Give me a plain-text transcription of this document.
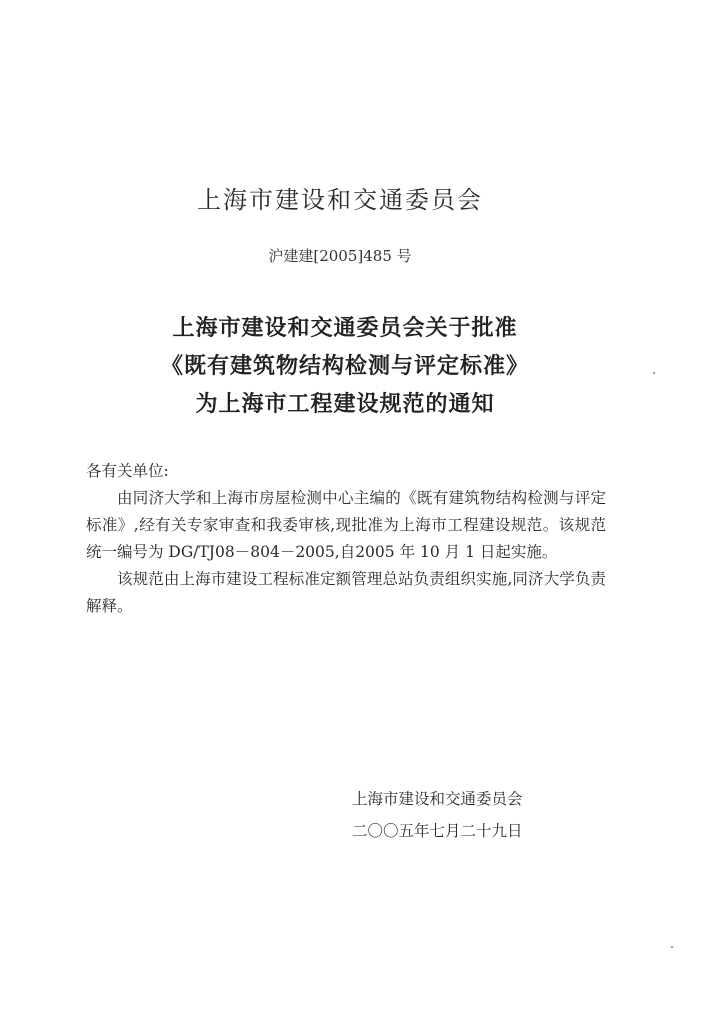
上海市建设和交通委员会
沪建建[2005]485 号
上海市建设和交通委员会关于批准
《既有建筑物结构检测与评定标准》
为上海市工程建设规范的通知

各有关单位:

由同济大学和上海市房屋检测中心主编的《既有建筑物结构检测与评定标准》,经有关专家审查和我委审核,现批准为上海市工程建设规范。该规范统一编号为 DG/TJ08－804－2005,自2005 年 10 月 1 日起实施。

该规范由上海市建设工程标准定额管理总站负责组织实施,同济大学负责解释。

上海市建设和交通委员会
二〇〇五年七月二十九日
